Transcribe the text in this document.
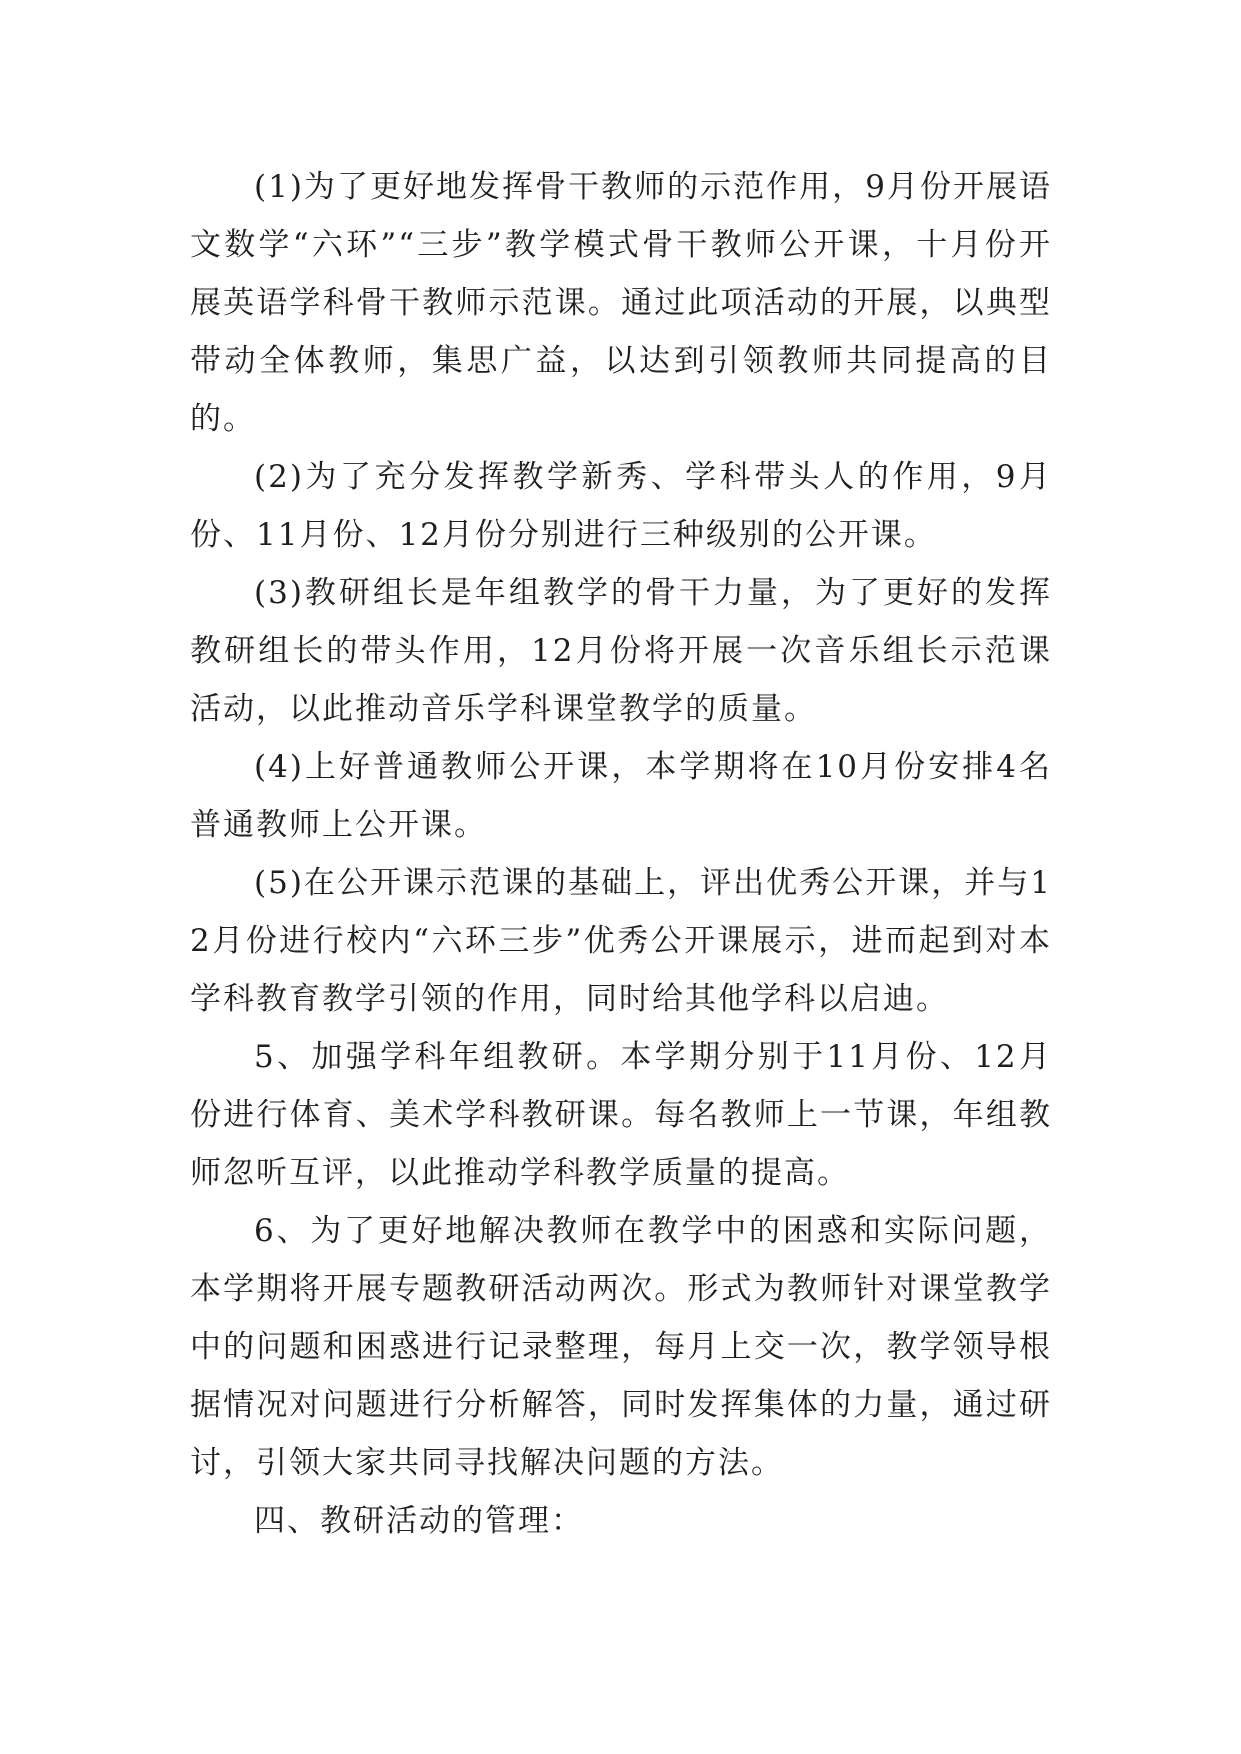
(1)为了更好地发挥骨干教师的示范作用，9月份开展语文数学“六环”“三步”教学模式骨干教师公开课，十月份开展英语学科骨干教师示范课。通过此项活动的开展，以典型带动全体教师，集思广益，以达到引领教师共同提高的目的。

(2)为了充分发挥教学新秀、学科带头人的作用，9月份、11月份、12月份分别进行三种级别的公开课。

(3)教研组长是年组教学的骨干力量，为了更好的发挥教研组长的带头作用，12月份将开展一次音乐组长示范课活动，以此推动音乐学科课堂教学的质量。

(4)上好普通教师公开课，本学期将在10月份安排4名普通教师上公开课。

(5)在公开课示范课的基础上，评出优秀公开课，并与12月份进行校内“六环三步”优秀公开课展示，进而起到对本学科教育教学引领的作用，同时给其他学科以启迪。

5、加强学科年组教研。本学期分别于11月份、12月份进行体育、美术学科教研课。每名教师上一节课，年组教师忽听互评，以此推动学科教学质量的提高。

6、为了更好地解决教师在教学中的困惑和实际问题，本学期将开展专题教研活动两次。形式为教师针对课堂教学中的问题和困惑进行记录整理，每月上交一次，教学领导根据情况对问题进行分析解答，同时发挥集体的力量，通过研讨，引领大家共同寻找解决问题的方法。

四、教研活动的管理：
